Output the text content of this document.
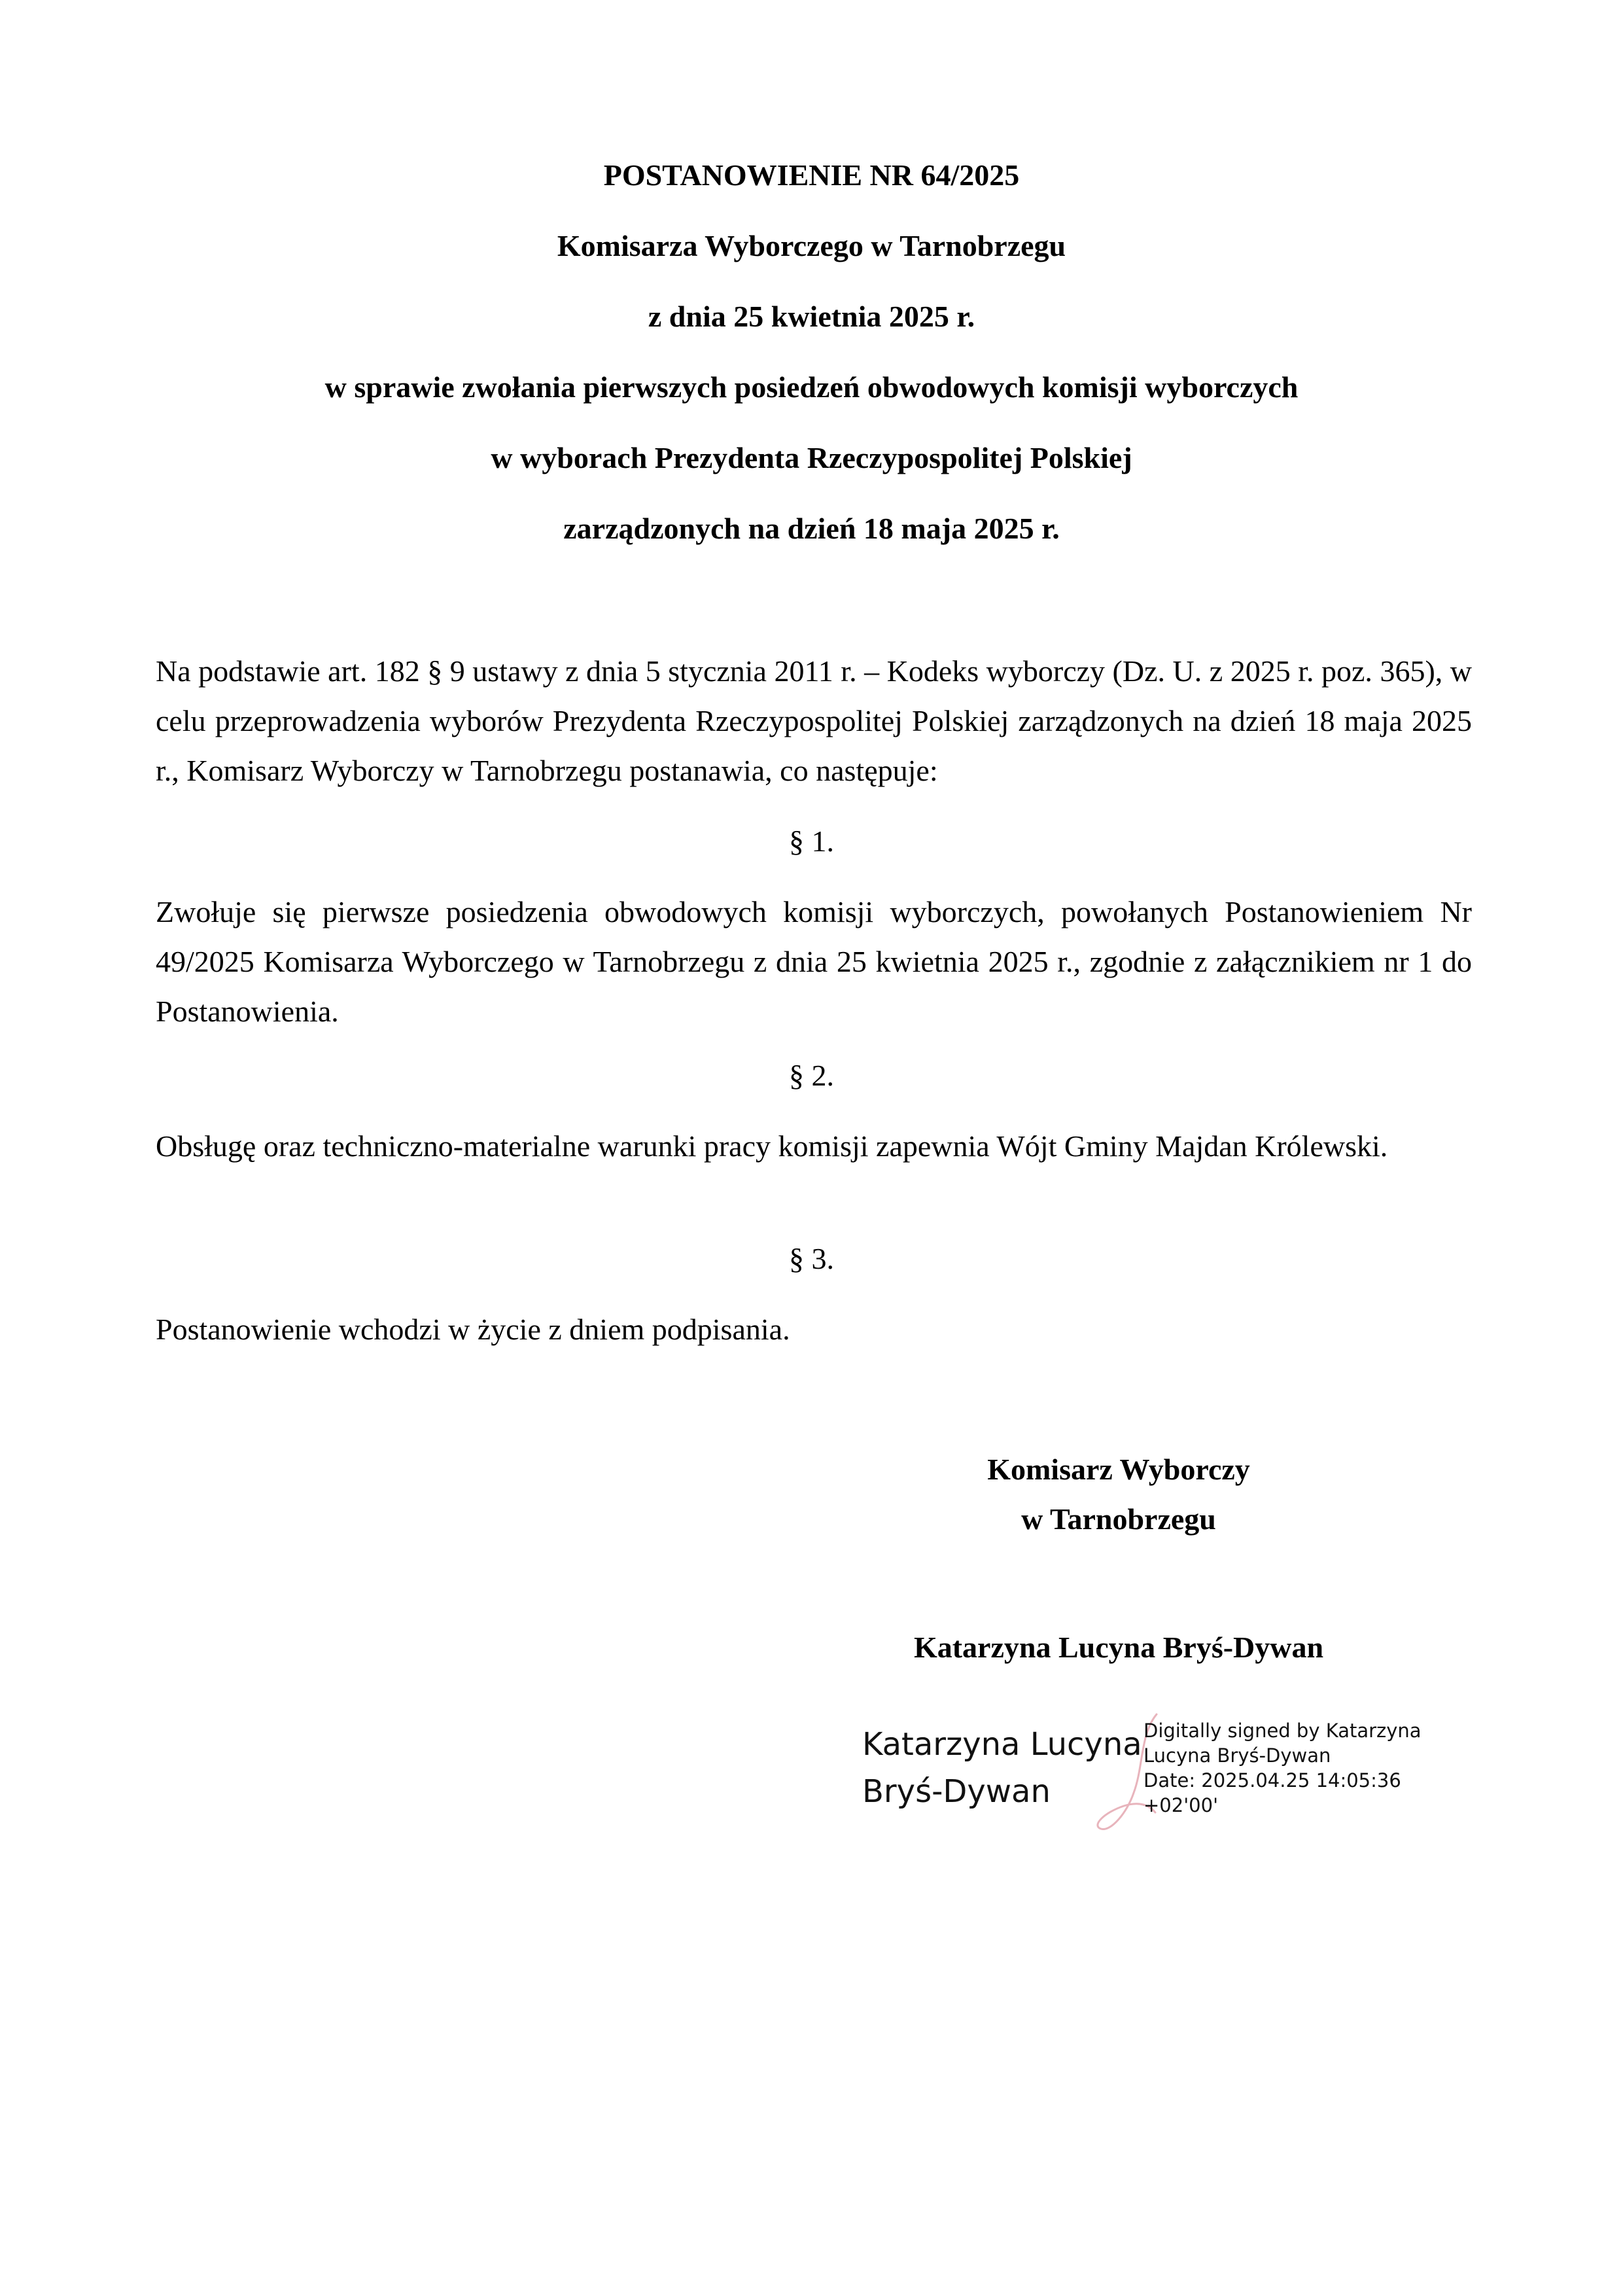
POSTANOWIENIE NR 64/2025
Komisarza Wyborczego w Tarnobrzegu
z dnia 25 kwietnia 2025 r.
w sprawie zwołania pierwszych posiedzeń obwodowych komisji wyborczych
w wyborach Prezydenta Rzeczypospolitej Polskiej
zarządzonych na dzień 18 maja 2025 r.
Na podstawie art. 182 § 9 ustawy z dnia 5 stycznia 2011 r. – Kodeks wyborczy (Dz. U. z 2025 r. poz. 365), w celu przeprowadzenia wyborów Prezydenta Rzeczypospolitej Polskiej zarządzonych na dzień 18 maja 2025 r., Komisarz Wyborczy w Tarnobrzegu postanawia, co następuje:
§ 1.
Zwołuje się pierwsze posiedzenia obwodowych komisji wyborczych, powołanych Postanowieniem Nr 49/2025 Komisarza Wyborczego w Tarnobrzegu z dnia 25 kwietnia 2025 r., zgodnie z załącznikiem nr 1 do Postanowienia.
§ 2.
Obsługę oraz techniczno-materialne warunki pracy komisji zapewnia Wójt Gminy Majdan Królewski.
§ 3.
Postanowienie wchodzi w życie z dniem podpisania.
Komisarz Wyborczy
w Tarnobrzegu
Katarzyna Lucyna Bryś-Dywan
Katarzyna Lucyna
Bryś-Dywan
Digitally signed by Katarzyna
Lucyna Bryś-Dywan
Date: 2025.04.25 14:05:36
+02'00'
